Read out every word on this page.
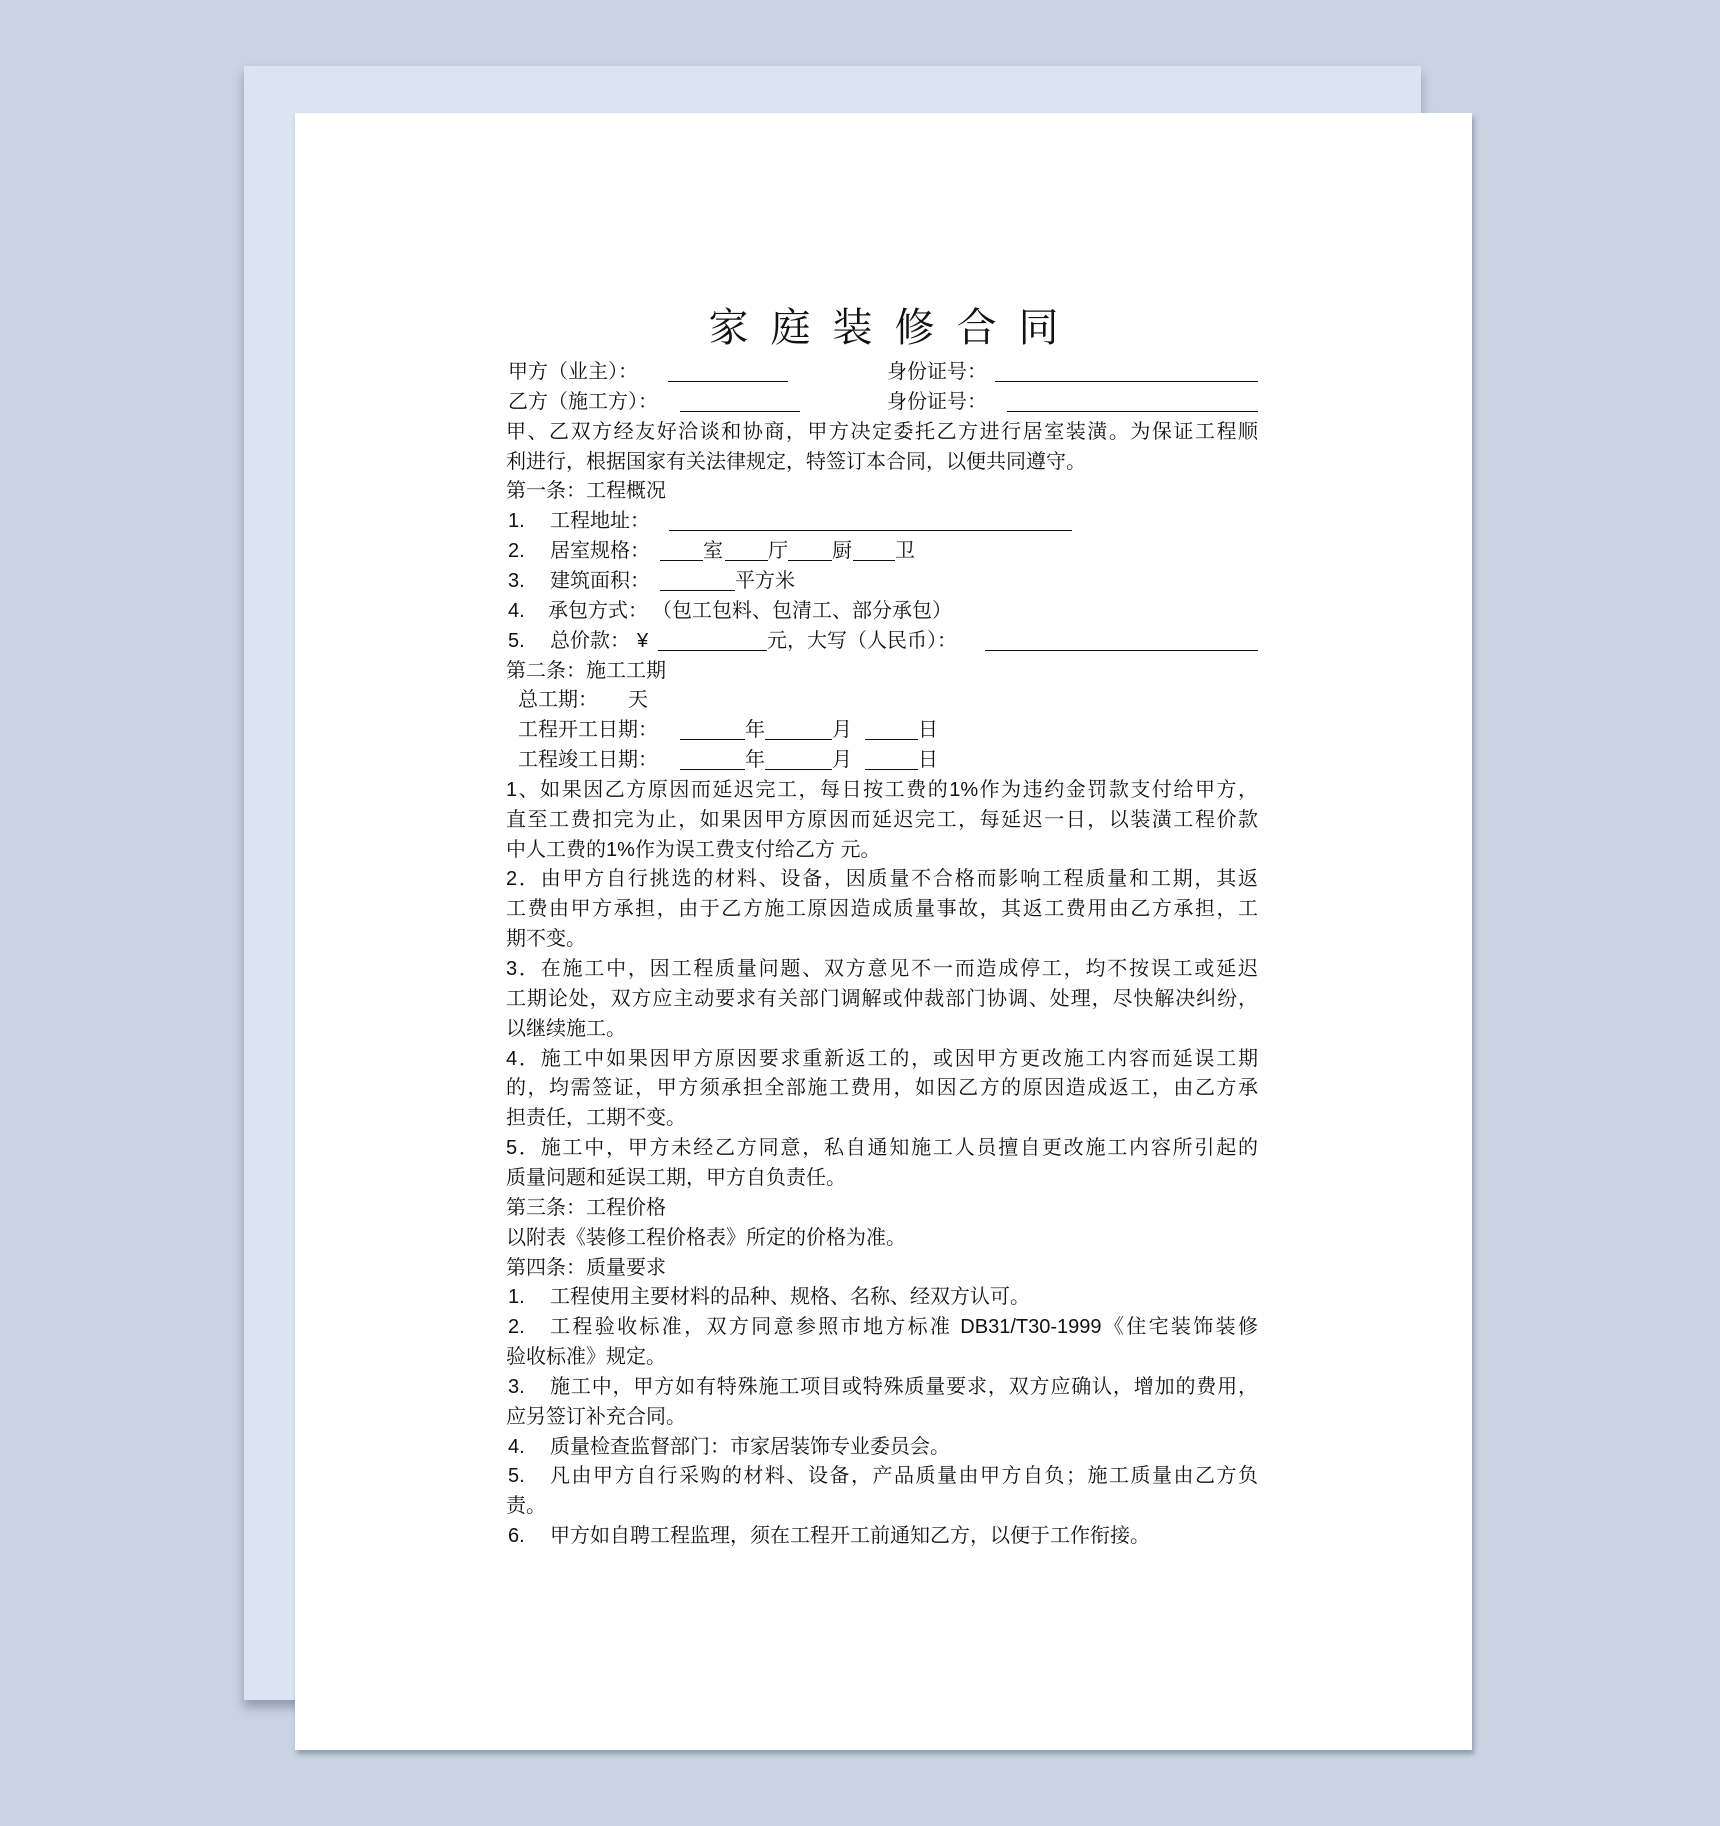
家庭装修合同
甲方（业主）：	身份证号：
乙方（施工方）：	身份证号：
甲、乙双方经友好洽谈和协商，甲方决定委托乙方进行居室装潢。为保证工程顺
利进行，根据国家有关法律规定，特签订本合同，以便共同遵守。
第一条：工程概况
1. 工程地址：
2. 居室规格：	室 厅 厨 卫
3. 建筑面积：	平方米
4. 承包方式： （包工包料、包清工、部分承包）
5. 总价款： ¥	元，大写（人民币）：
第二条：施工工期
总工期： 天
工程开工日期：	年	月	日
工程竣工日期：	年	月	日
1、如果因乙方原因而延迟完工，每日按工费的1%作为违约金罚款支付给甲方，
直至工费扣完为止，如果因甲方原因而延迟完工，每延迟一日，以装潢工程价款
中人工费的1%作为误工费支付给乙方 元。
2．由甲方自行挑选的材料、设备，因质量不合格而影响工程质量和工期，其返
工费由甲方承担，由于乙方施工原因造成质量事故，其返工费用由乙方承担，工
期不变。
3．在施工中，因工程质量问题、双方意见不一而造成停工，均不按误工或延迟
工期论处，双方应主动要求有关部门调解或仲裁部门协调、处理，尽快解决纠纷，
以继续施工。
4．施工中如果因甲方原因要求重新返工的，或因甲方更改施工内容而延误工期
的，均需签证，甲方须承担全部施工费用，如因乙方的原因造成返工，由乙方承
担责任，工期不变。
5．施工中，甲方未经乙方同意，私自通知施工人员擅自更改施工内容所引起的
质量问题和延误工期，甲方自负责任。
第三条：工程价格
以附表《装修工程价格表》所定的价格为准。
第四条：质量要求
1. 工程使用主要材料的品种、规格、名称、经双方认可。
2. 工程验收标准，双方同意参照市地方标准 DB31/T30-1999《住宅装饰装修
验收标准》规定。
3. 施工中，甲方如有特殊施工项目或特殊质量要求，双方应确认，增加的费用，
应另签订补充合同。
4. 质量检查监督部门：市家居装饰专业委员会。
5. 凡由甲方自行采购的材料、设备，产品质量由甲方自负；施工质量由乙方负
责。
6. 甲方如自聘工程监理，须在工程开工前通知乙方，以便于工作衔接。
